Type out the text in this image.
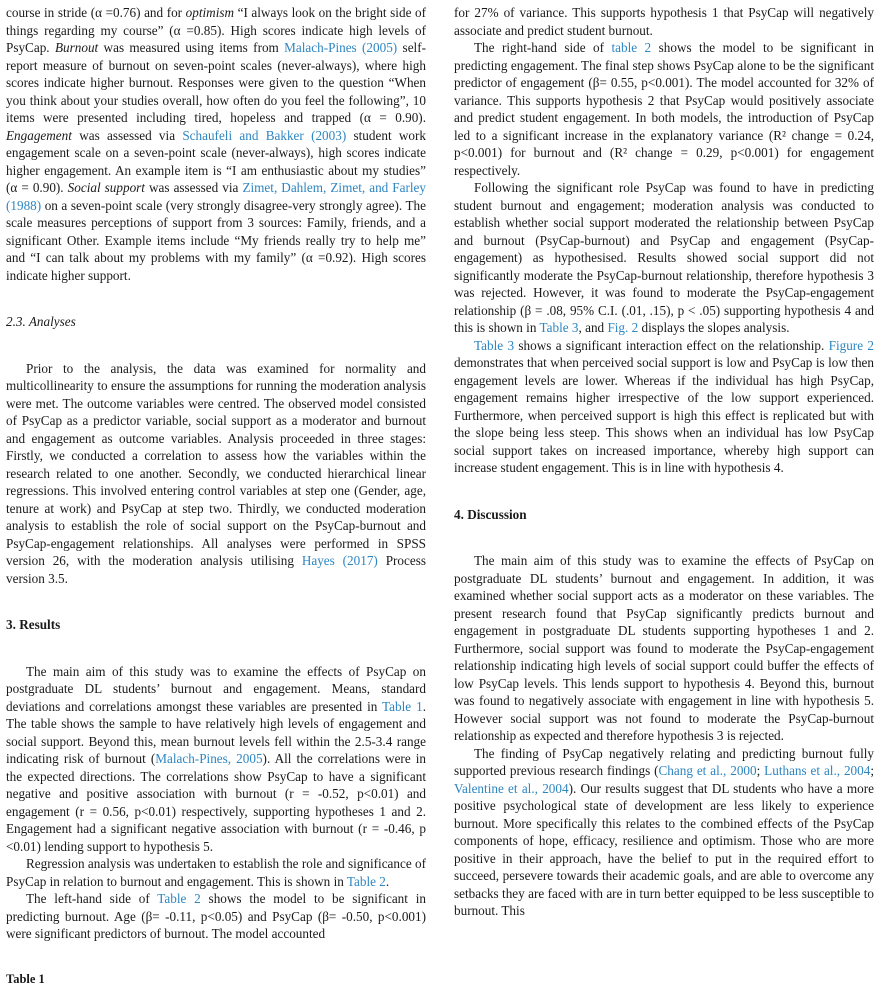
course in stride (α =0.76) and for optimism “I always look on the bright side of things regarding my course” (α =0.85). High scores indicate high levels of PsyCap. Burnout was measured using items from Malach-Pines (2005) self-report measure of burnout on seven-point scales (never-always), where high scores indicate higher burnout. Responses were given to the question “When you think about your studies overall, how often do you feel the following”, 10 items were presented including tired, hopeless and trapped (α = 0.90). Engagement was assessed via Schaufeli and Bakker (2003) student work engagement scale on a seven-point scale (never-always), high scores indicate higher engagement. An example item is “I am enthusiastic about my studies” (α = 0.90). Social support was assessed via Zimet, Dahlem, Zimet, and Farley (1988) on a seven-point scale (very strongly disagree-very strongly agree). The scale measures perceptions of support from 3 sources: Family, friends, and a significant Other. Example items include “My friends really try to help me” and “I can talk about my problems with my family” (α =0.92). High scores indicate higher support.

2.3. Analyses

Prior to the analysis, the data was examined for normality and multicollinearity to ensure the assumptions for running the moderation analysis were met. The outcome variables were centred. The observed model consisted of PsyCap as a predictor variable, social support as a moderator and burnout and engagement as outcome variables. Analysis proceeded in three stages: Firstly, we conducted a correlation to assess how the variables within the research related to one another. Secondly, we conducted hierarchical linear regressions. This involved entering control variables at step one (Gender, age, tenure at work) and PsyCap at step two. Thirdly, we conducted moderation analysis to establish the role of social support on the PsyCap-burnout and PsyCap-engagement relationships. All analyses were performed in SPSS version 26, with the moderation analysis utilising Hayes (2017) Process version 3.5.

3. Results

The main aim of this study was to examine the effects of PsyCap on postgraduate DL students’ burnout and engagement. Means, standard deviations and correlations amongst these variables are presented in Table 1. The table shows the sample to have relatively high levels of engagement and social support. Beyond this, mean burnout levels fell within the 2.5-3.4 range indicating risk of burnout (Malach-Pines, 2005). All the correlations were in the expected directions. The correlations show PsyCap to have a significant negative and positive association with burnout (r = -0.52, p<0.01) and engagement (r = 0.56, p<0.01) respectively, supporting hypotheses 1 and 2. Engagement had a significant negative association with burnout (r = -0.46, p <0.01) lending support to hypothesis 5.

Regression analysis was undertaken to establish the role and significance of PsyCap in relation to burnout and engagement. This is shown in Table 2.

The left-hand side of Table 2 shows the model to be significant in predicting burnout. Age (β= -0.11, p<0.05) and PsyCap (β= -0.50, p<0.001) were significant predictors of burnout. The model accounted

for 27% of variance. This supports hypothesis 1 that PsyCap will negatively associate and predict student burnout.

The right-hand side of table 2 shows the model to be significant in predicting engagement. The final step shows PsyCap alone to be the significant predictor of engagement (β= 0.55, p<0.001). The model accounted for 32% of variance. This supports hypothesis 2 that PsyCap would positively associate and predict student engagement. In both models, the introduction of PsyCap led to a significant increase in the explanatory variance (R² change = 0.24, p<0.001) for burnout and (R² change = 0.29, p<0.001) for engagement respectively.

Following the significant role PsyCap was found to have in predicting student burnout and engagement; moderation analysis was conducted to establish whether social support moderated the relationship between PsyCap and burnout (PsyCap-burnout) and PsyCap and engagement (PsyCap-engagement) as hypothesised. Results showed social support did not significantly moderate the PsyCap-burnout relationship, therefore hypothesis 3 was rejected. However, it was found to moderate the PsyCap-engagement relationship (β = .08, 95% C.I. (.01, .15), p < .05) supporting hypothesis 4 and this is shown in Table 3, and Fig. 2 displays the slopes analysis.

Table 3 shows a significant interaction effect on the relationship. Figure 2 demonstrates that when perceived social support is low and PsyCap is low then engagement levels are lower. Whereas if the individual has high PsyCap, engagement remains higher irrespective of the low support experienced. Furthermore, when perceived support is high this effect is replicated but with the slope being less steep. This shows when an individual has low PsyCap social support takes on increased importance, whereby high support can increase student engagement. This is in line with hypothesis 4.

4. Discussion

The main aim of this study was to examine the effects of PsyCap on postgraduate DL students’ burnout and engagement. In addition, it was examined whether social support acts as a moderator on these variables. The present research found that PsyCap significantly predicts burnout and engagement in postgraduate DL students supporting hypotheses 1 and 2. Furthermore, social support was found to moderate the PsyCap-engagement relationship indicating high levels of social support could buffer the effects of low PsyCap levels. This lends support to hypothesis 4. Beyond this, burnout was found to negatively associate with engagement in line with hypothesis 5. However social support was not found to moderate the PsyCap-burnout relationship as expected and therefore hypothesis 3 is rejected.

The finding of PsyCap negatively relating and predicting burnout fully supported previous research findings (Chang et al., 2000; Luthans et al., 2004; Valentine et al., 2004). Our results suggest that DL students who have a more positive psychological state of development are less likely to experience burnout. More specifically this relates to the combined effects of the PsyCap components of hope, efficacy, resilience and optimism. Those who are more positive in their approach, have the belief to put in the required effort to succeed, persevere towards their academic goals, and are able to overcome any setbacks they are faced with are in turn better equipped to be less susceptible to burnout. This

Table 1
